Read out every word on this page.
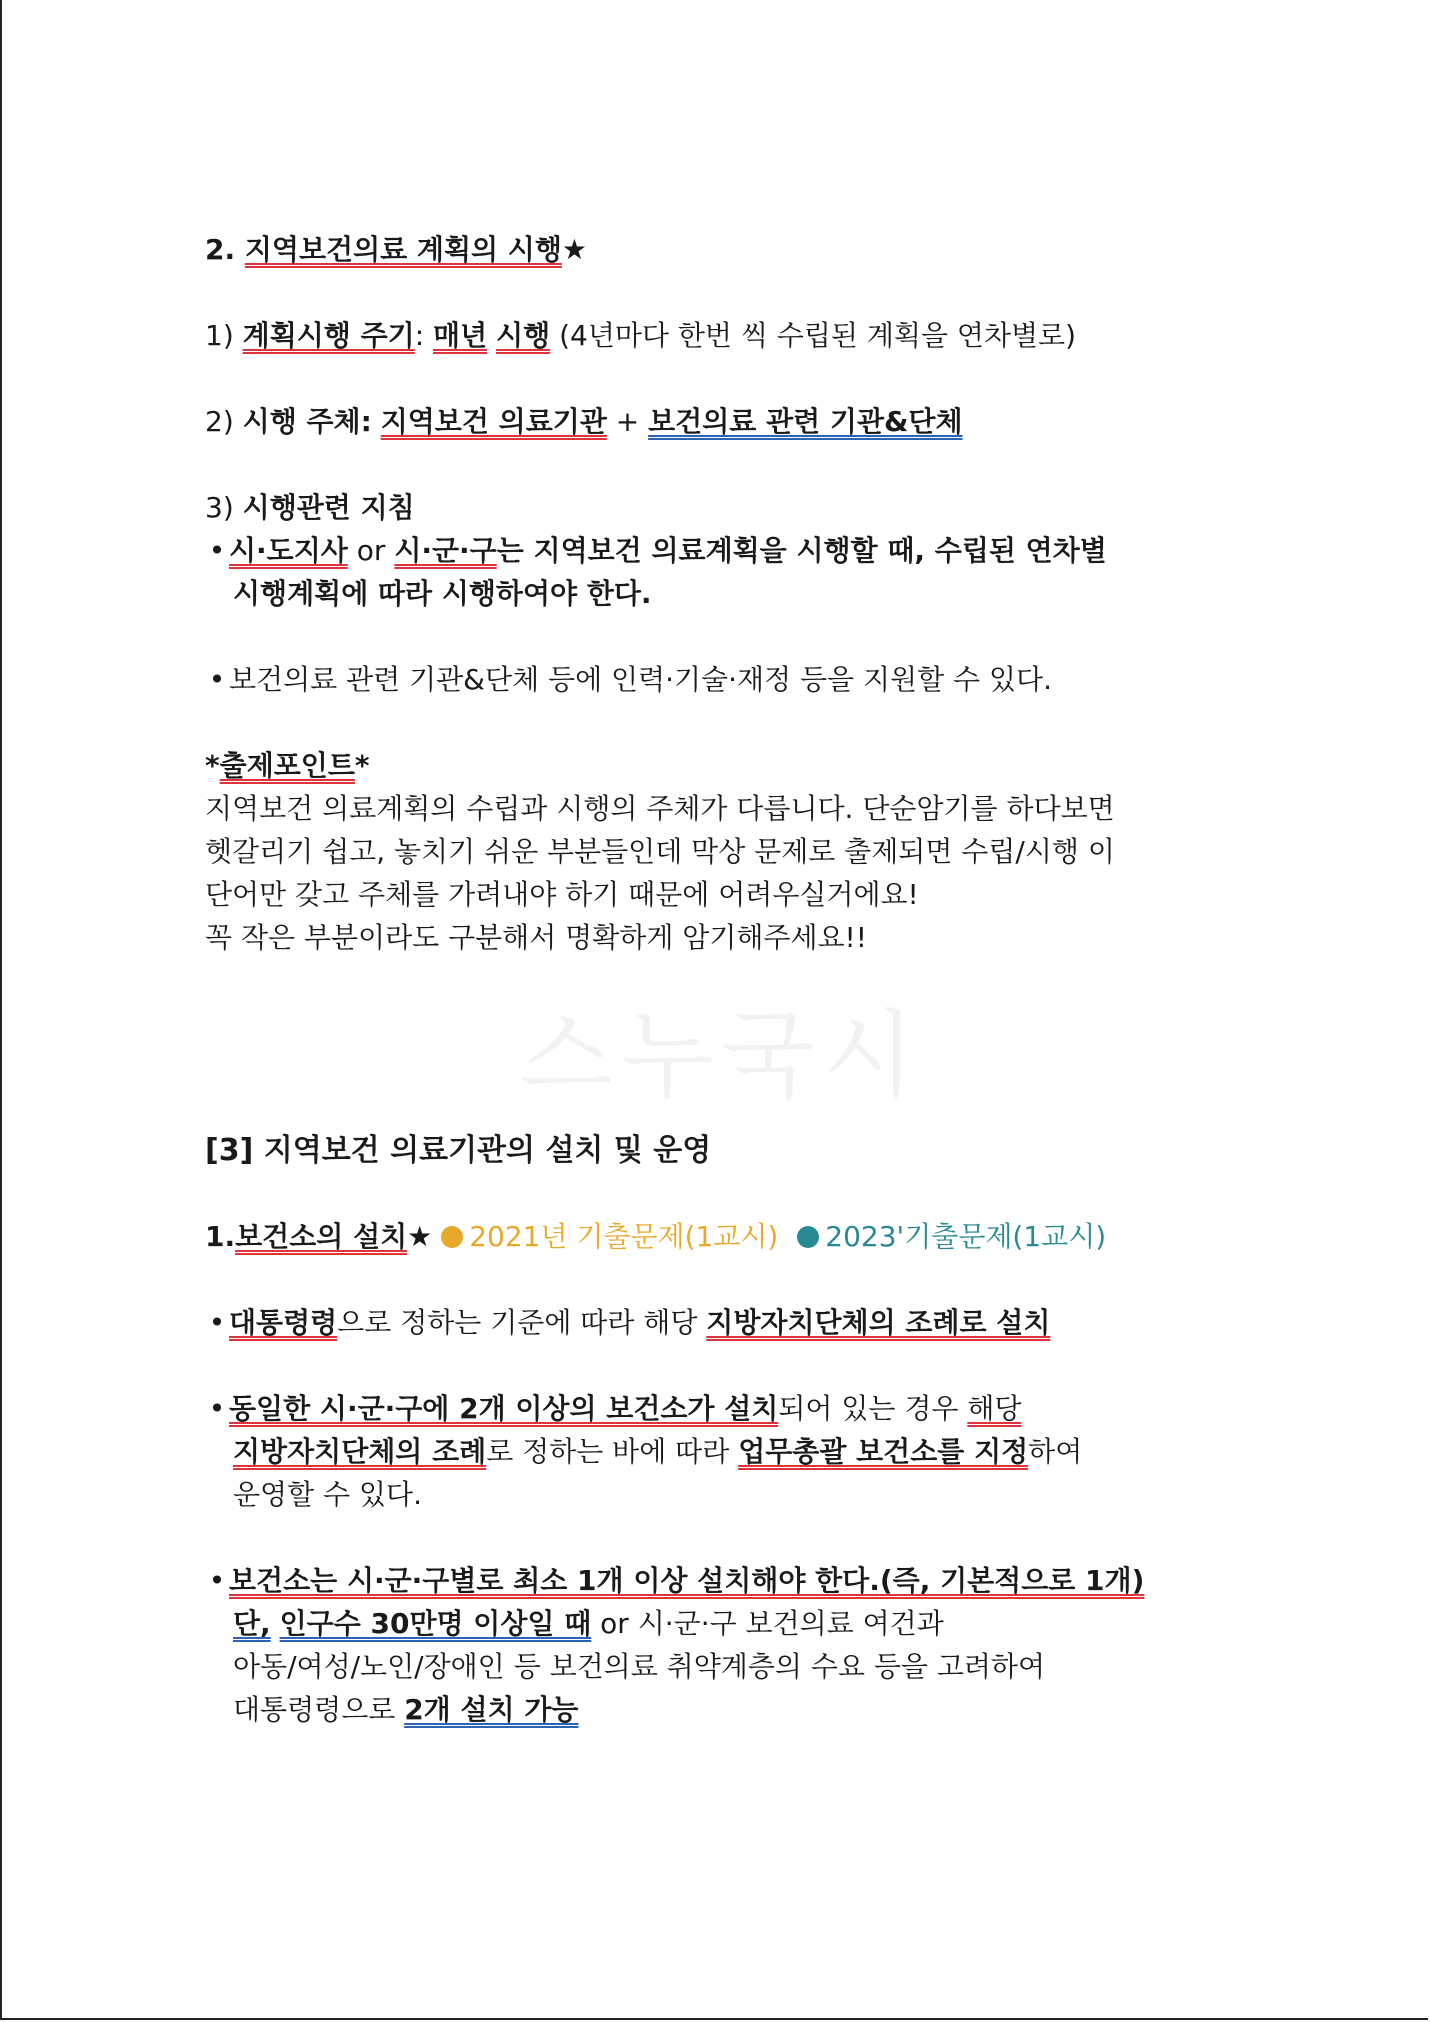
스누국시

2. 지역보건의료 계획의 시행★

1) 계획시행 주기: 매년 시행 (4년마다 한번 씩 수립된 계획을 연차별로)

2) 시행 주체: 지역보건 의료기관 + 보건의료 관련 기관&단체

3) 시행관련 지침

• 시·도지사 or 시·군·구는 지역보건 의료계획을 시행할 때, 수립된 연차별

시행계획에 따라 시행하여야 한다.

• 보건의료 관련 기관&단체 등에 인력·기술·재정 등을 지원할 수 있다.

*출제포인트*

지역보건 의료계획의 수립과 시행의 주체가 다릅니다. 단순암기를 하다보면

헷갈리기 쉽고, 놓치기 쉬운 부분들인데 막상 문제로 출제되면 수립/시행 이

단어만 갖고 주체를 가려내야 하기 때문에 어려우실거에요!

꼭 작은 부분이라도 구분해서 명확하게 암기해주세요!!

[3] 지역보건 의료기관의 설치 및 운영

1.보건소의 설치★ 2021년 기출문제(1교시) 2023'기출문제(1교시)

• 대통령령으로 정하는 기준에 따라 해당 지방자치단체의 조례로 설치

• 동일한 시·군·구에 2개 이상의 보건소가 설치되어 있는 경우 해당

지방자치단체의 조례로 정하는 바에 따라 업무총괄 보건소를 지정하여

운영할 수 있다.

• 보건소는 시·군·구별로 최소 1개 이상 설치해야 한다.(즉, 기본적으로 1개)

단, 인구수 30만명 이상일 때 or 시·군·구 보건의료 여건과

아동/여성/노인/장애인 등 보건의료 취약계층의 수요 등을 고려하여

대통령령으로 2개 설치 가능
